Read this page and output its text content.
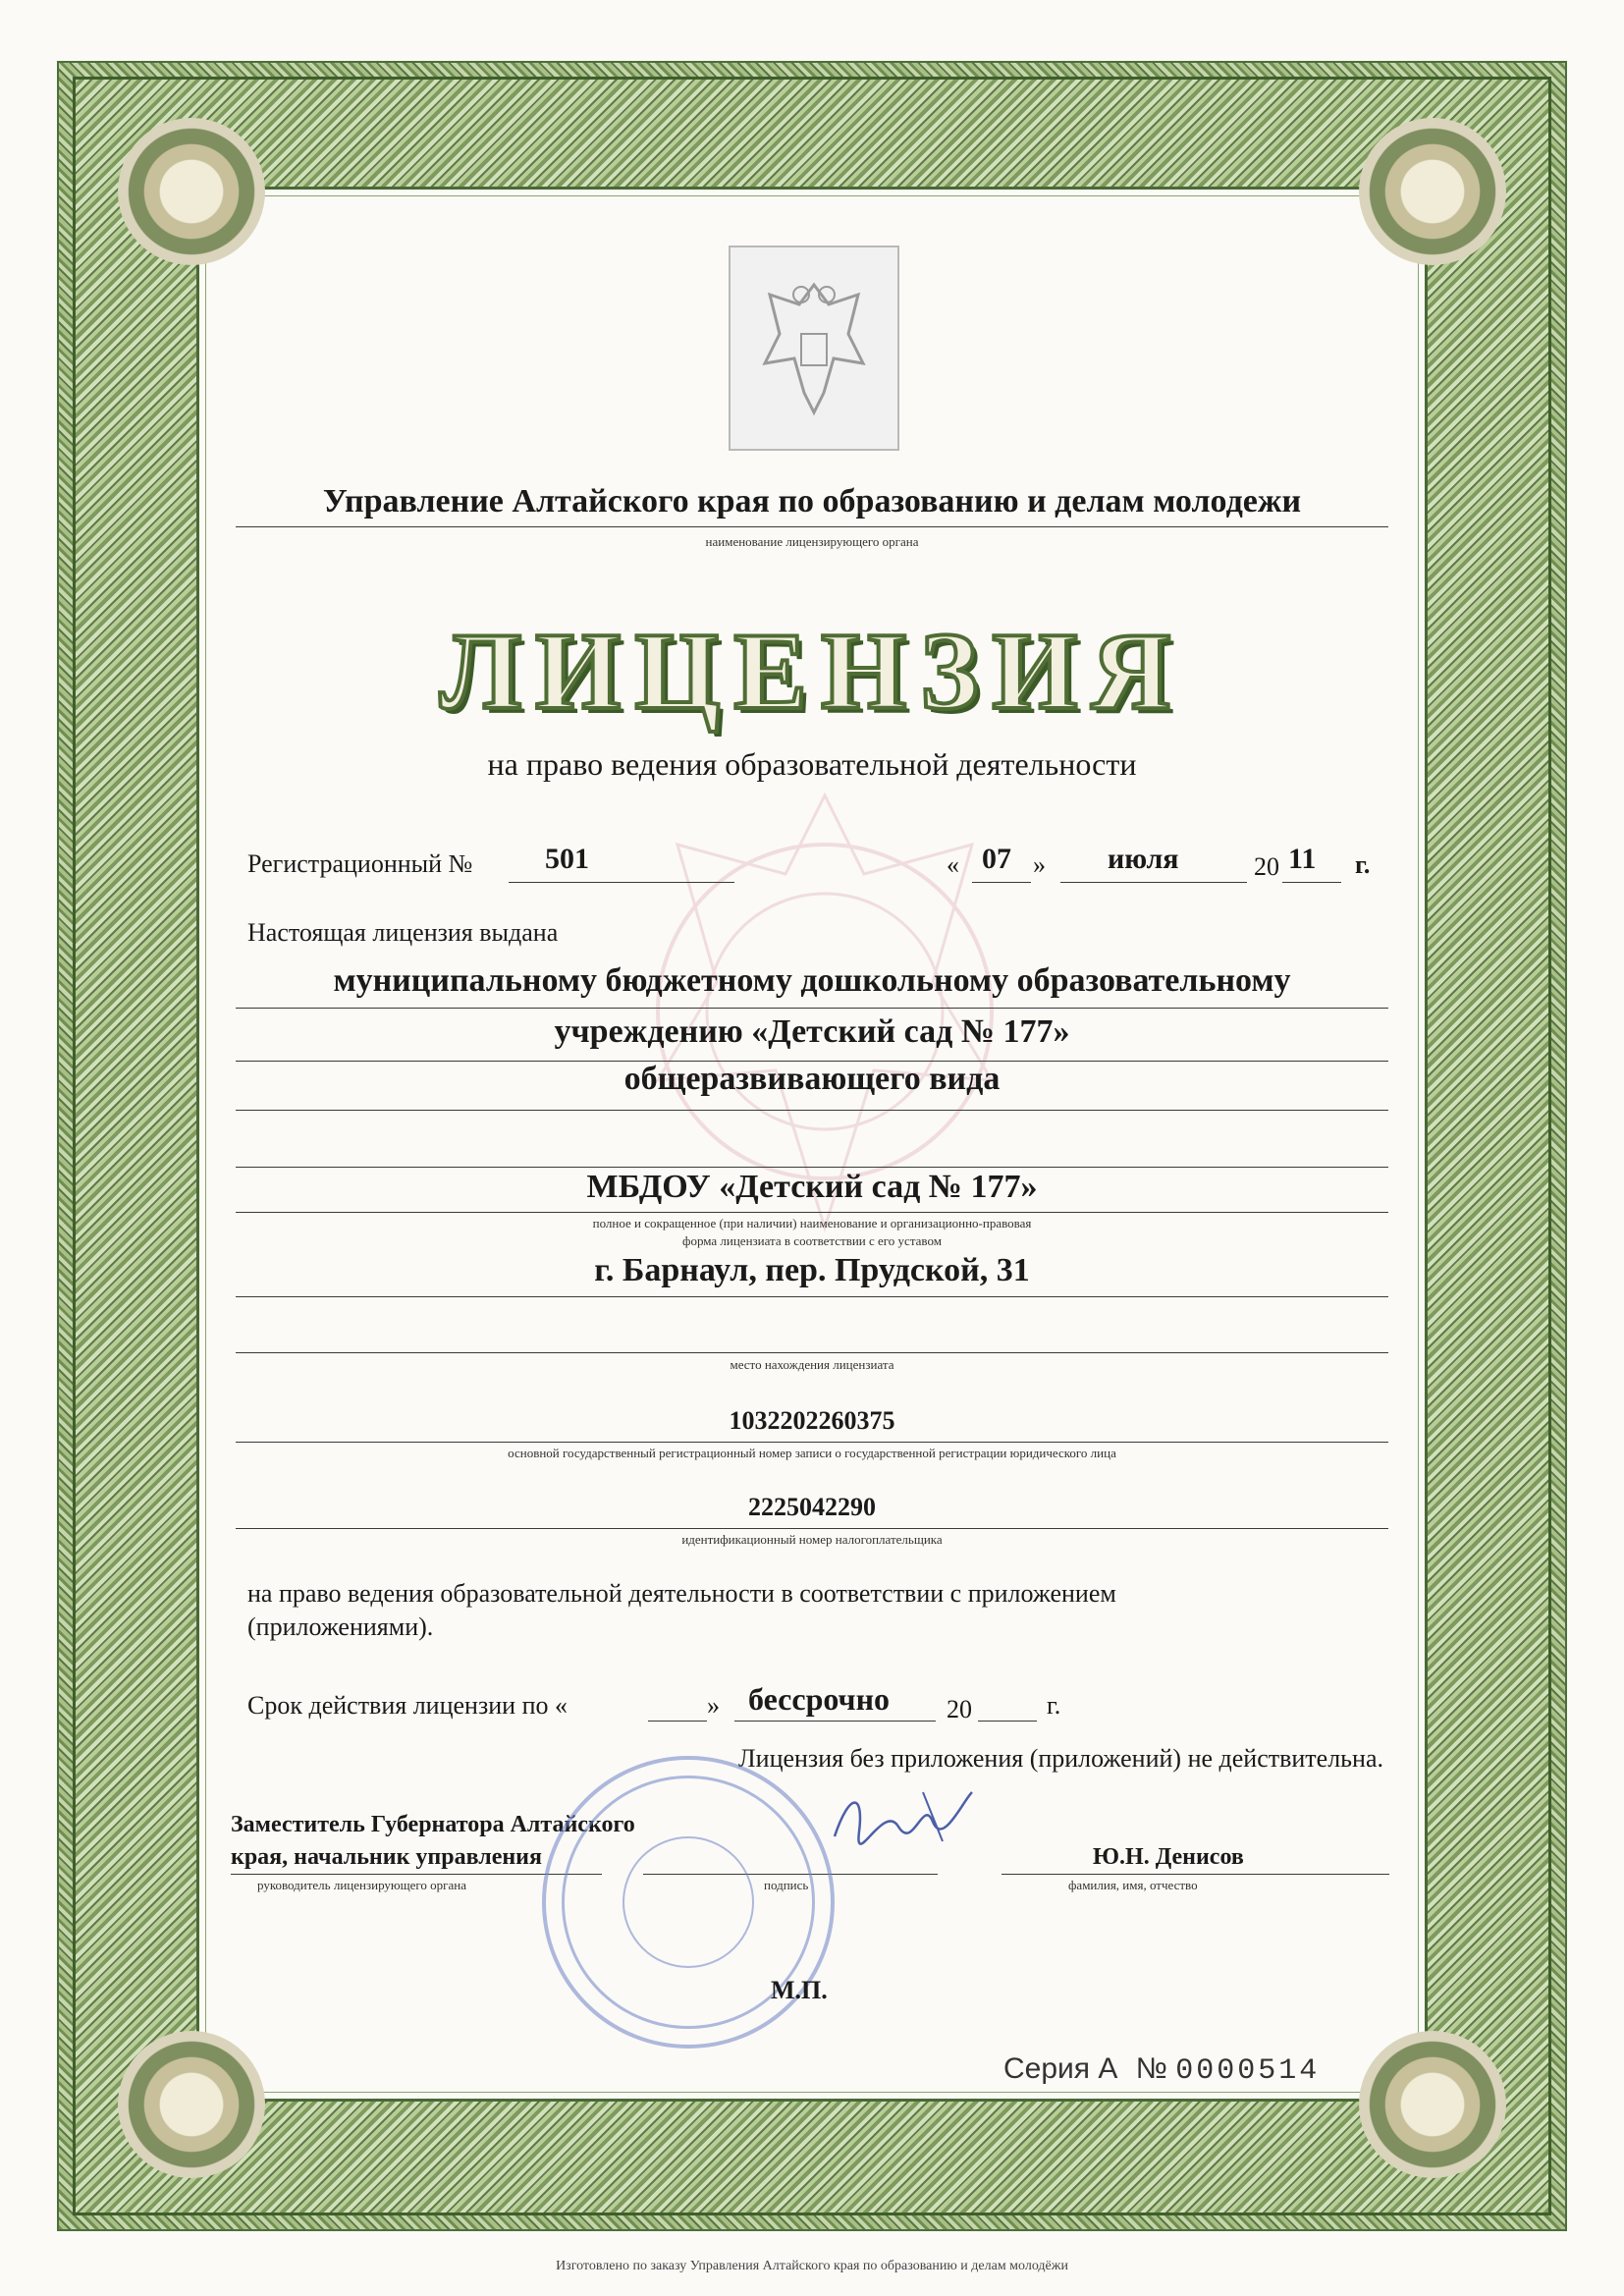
Управление Алтайского края по образованию и делам молодежи
наименование лицензирующего органа
ЛИЦЕНЗИЯ
на право ведения образовательной деятельности
Регистрационный № 501	« 07 » июля	20 11 г.
Настоящая лицензия выдана
муниципальному бюджетному дошкольному образовательному
учреждению «Детский сад № 177»
общеразвивающего вида
МБДОУ «Детский сад № 177»
полное и сокращенное (при наличии) наименование и организационно-правовая
форма лицензиата в соответствии с его уставом
г. Барнаул, пер. Прудской, 31
место нахождения лицензиата
1032202260375
основной государственный регистрационный номер записи о государственной регистрации юридического лица
2225042290
идентификационный номер налогоплательщика
на право ведения образовательной деятельности в соответствии с приложением
(приложениями).
Срок действия лицензии по «	» бессрочно 20	г.
Лицензия без приложения (приложений) не действительна.
Заместитель Губернатора Алтайского
края, начальник управления
руководитель лицензирующего органа	подпись
Ю.Н. Денисов
фамилия, имя, отчество
М.П.
Серия А № 0000514
Изготовлено по заказу Управления Алтайского края по образованию и делам молодёжи
